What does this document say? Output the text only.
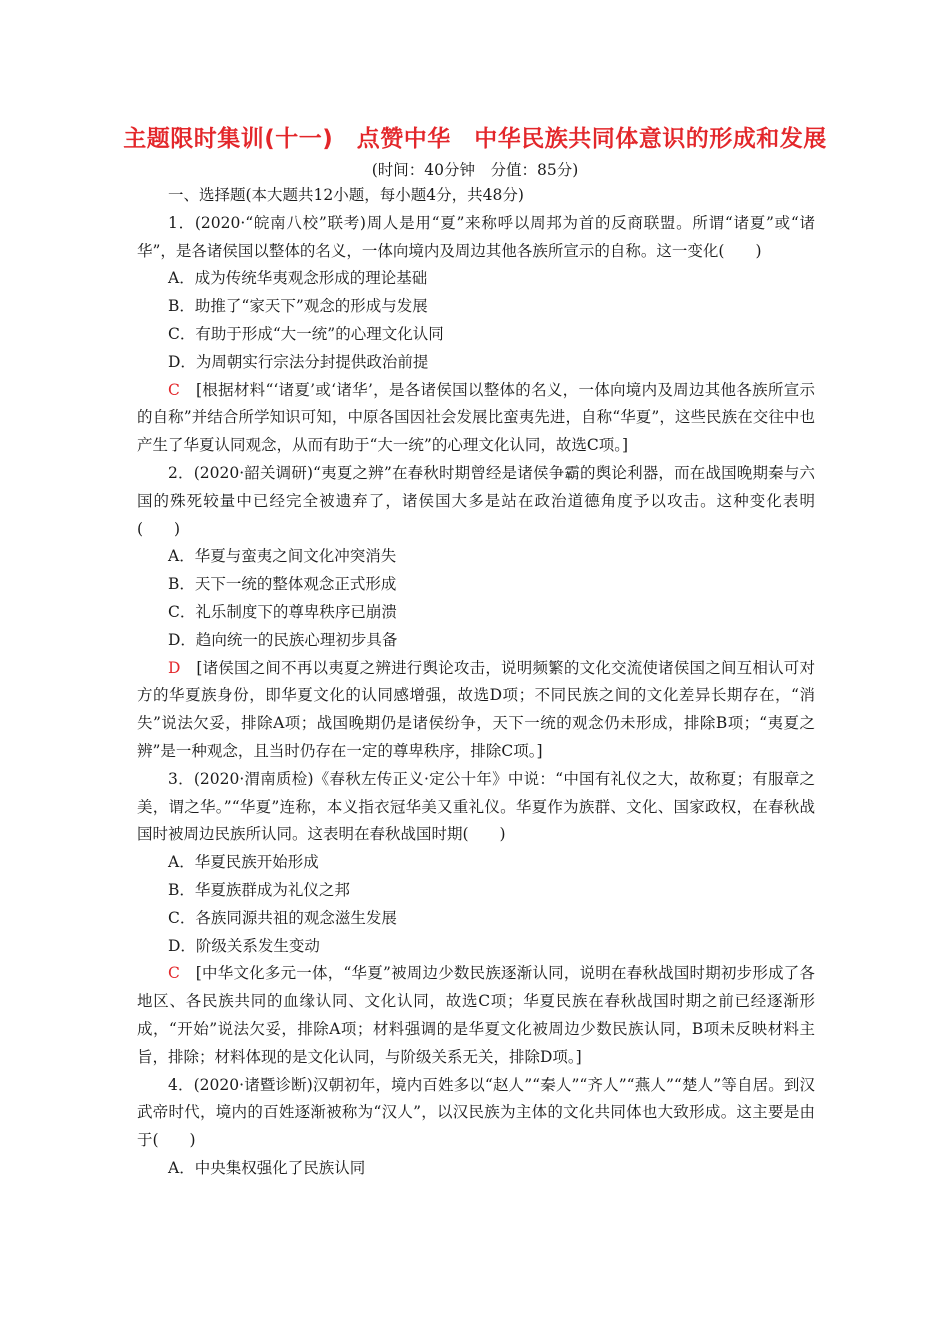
主题限时集训(十一)　点赞中华　中华民族共同体意识的形成和发展
(时间：40分钟　分值：85分)

一、选择题(本大题共12小题，每小题4分，共48分)

1．(2020·“皖南八校”联考)周人是用“夏”来称呼以周邦为首的反商联盟。所谓“诸夏”或“诸华”，是各诸侯国以整体的名义，一体向境内及周边其他各族所宣示的自称。这一变化(　　)

A．成为传统华夷观念形成的理论基础

B．助推了“家天下”观念的形成与发展

C．有助于形成“大一统”的心理文化认同

D．为周朝实行宗法分封提供政治前提

C　[根据材料“‘诸夏’或‘诸华’，是各诸侯国以整体的名义，一体向境内及周边其他各族所宣示的自称”并结合所学知识可知，中原各国因社会发展比蛮夷先进，自称“华夏”，这些民族在交往中也产生了华夏认同观念，从而有助于“大一统”的心理文化认同，故选C项。]

2．(2020·韶关调研)“夷夏之辨”在春秋时期曾经是诸侯争霸的舆论利器，而在战国晚期秦与六国的殊死较量中已经完全被遗弃了，诸侯国大多是站在政治道德角度予以攻击。这种变化表明(　　)

A．华夏与蛮夷之间文化冲突消失

B．天下一统的整体观念正式形成

C．礼乐制度下的尊卑秩序已崩溃

D．趋向统一的民族心理初步具备

D　[诸侯国之间不再以夷夏之辨进行舆论攻击，说明频繁的文化交流使诸侯国之间互相认可对方的华夏族身份，即华夏文化的认同感增强，故选D项；不同民族之间的文化差异长期存在，“消失”说法欠妥，排除A项；战国晚期仍是诸侯纷争，天下一统的观念仍未形成，排除B项；“夷夏之辨”是一种观念，且当时仍存在一定的尊卑秩序，排除C项。]

3．(2020·渭南质检)《春秋左传正义·定公十年》中说：“中国有礼仪之大，故称夏；有服章之美，谓之华。”“华夏”连称，本义指衣冠华美又重礼仪。华夏作为族群、文化、国家政权，在春秋战国时被周边民族所认同。这表明在春秋战国时期(　　)

A．华夏民族开始形成

B．华夏族群成为礼仪之邦

C．各族同源共祖的观念滋生发展

D．阶级关系发生变动

C　[中华文化多元一体，“华夏”被周边少数民族逐渐认同，说明在春秋战国时期初步形成了各地区、各民族共同的血缘认同、文化认同，故选C项；华夏民族在春秋战国时期之前已经逐渐形成，“开始”说法欠妥，排除A项；材料强调的是华夏文化被周边少数民族认同，B项未反映材料主旨，排除；材料体现的是文化认同，与阶级关系无关，排除D项。]

4．(2020·诸暨诊断)汉朝初年，境内百姓多以“赵人”“秦人”“齐人”“燕人”“楚人”等自居。到汉武帝时代，境内的百姓逐渐被称为“汉人”，以汉民族为主体的文化共同体也大致形成。这主要是由于(　　)

A．中央集权强化了民族认同
